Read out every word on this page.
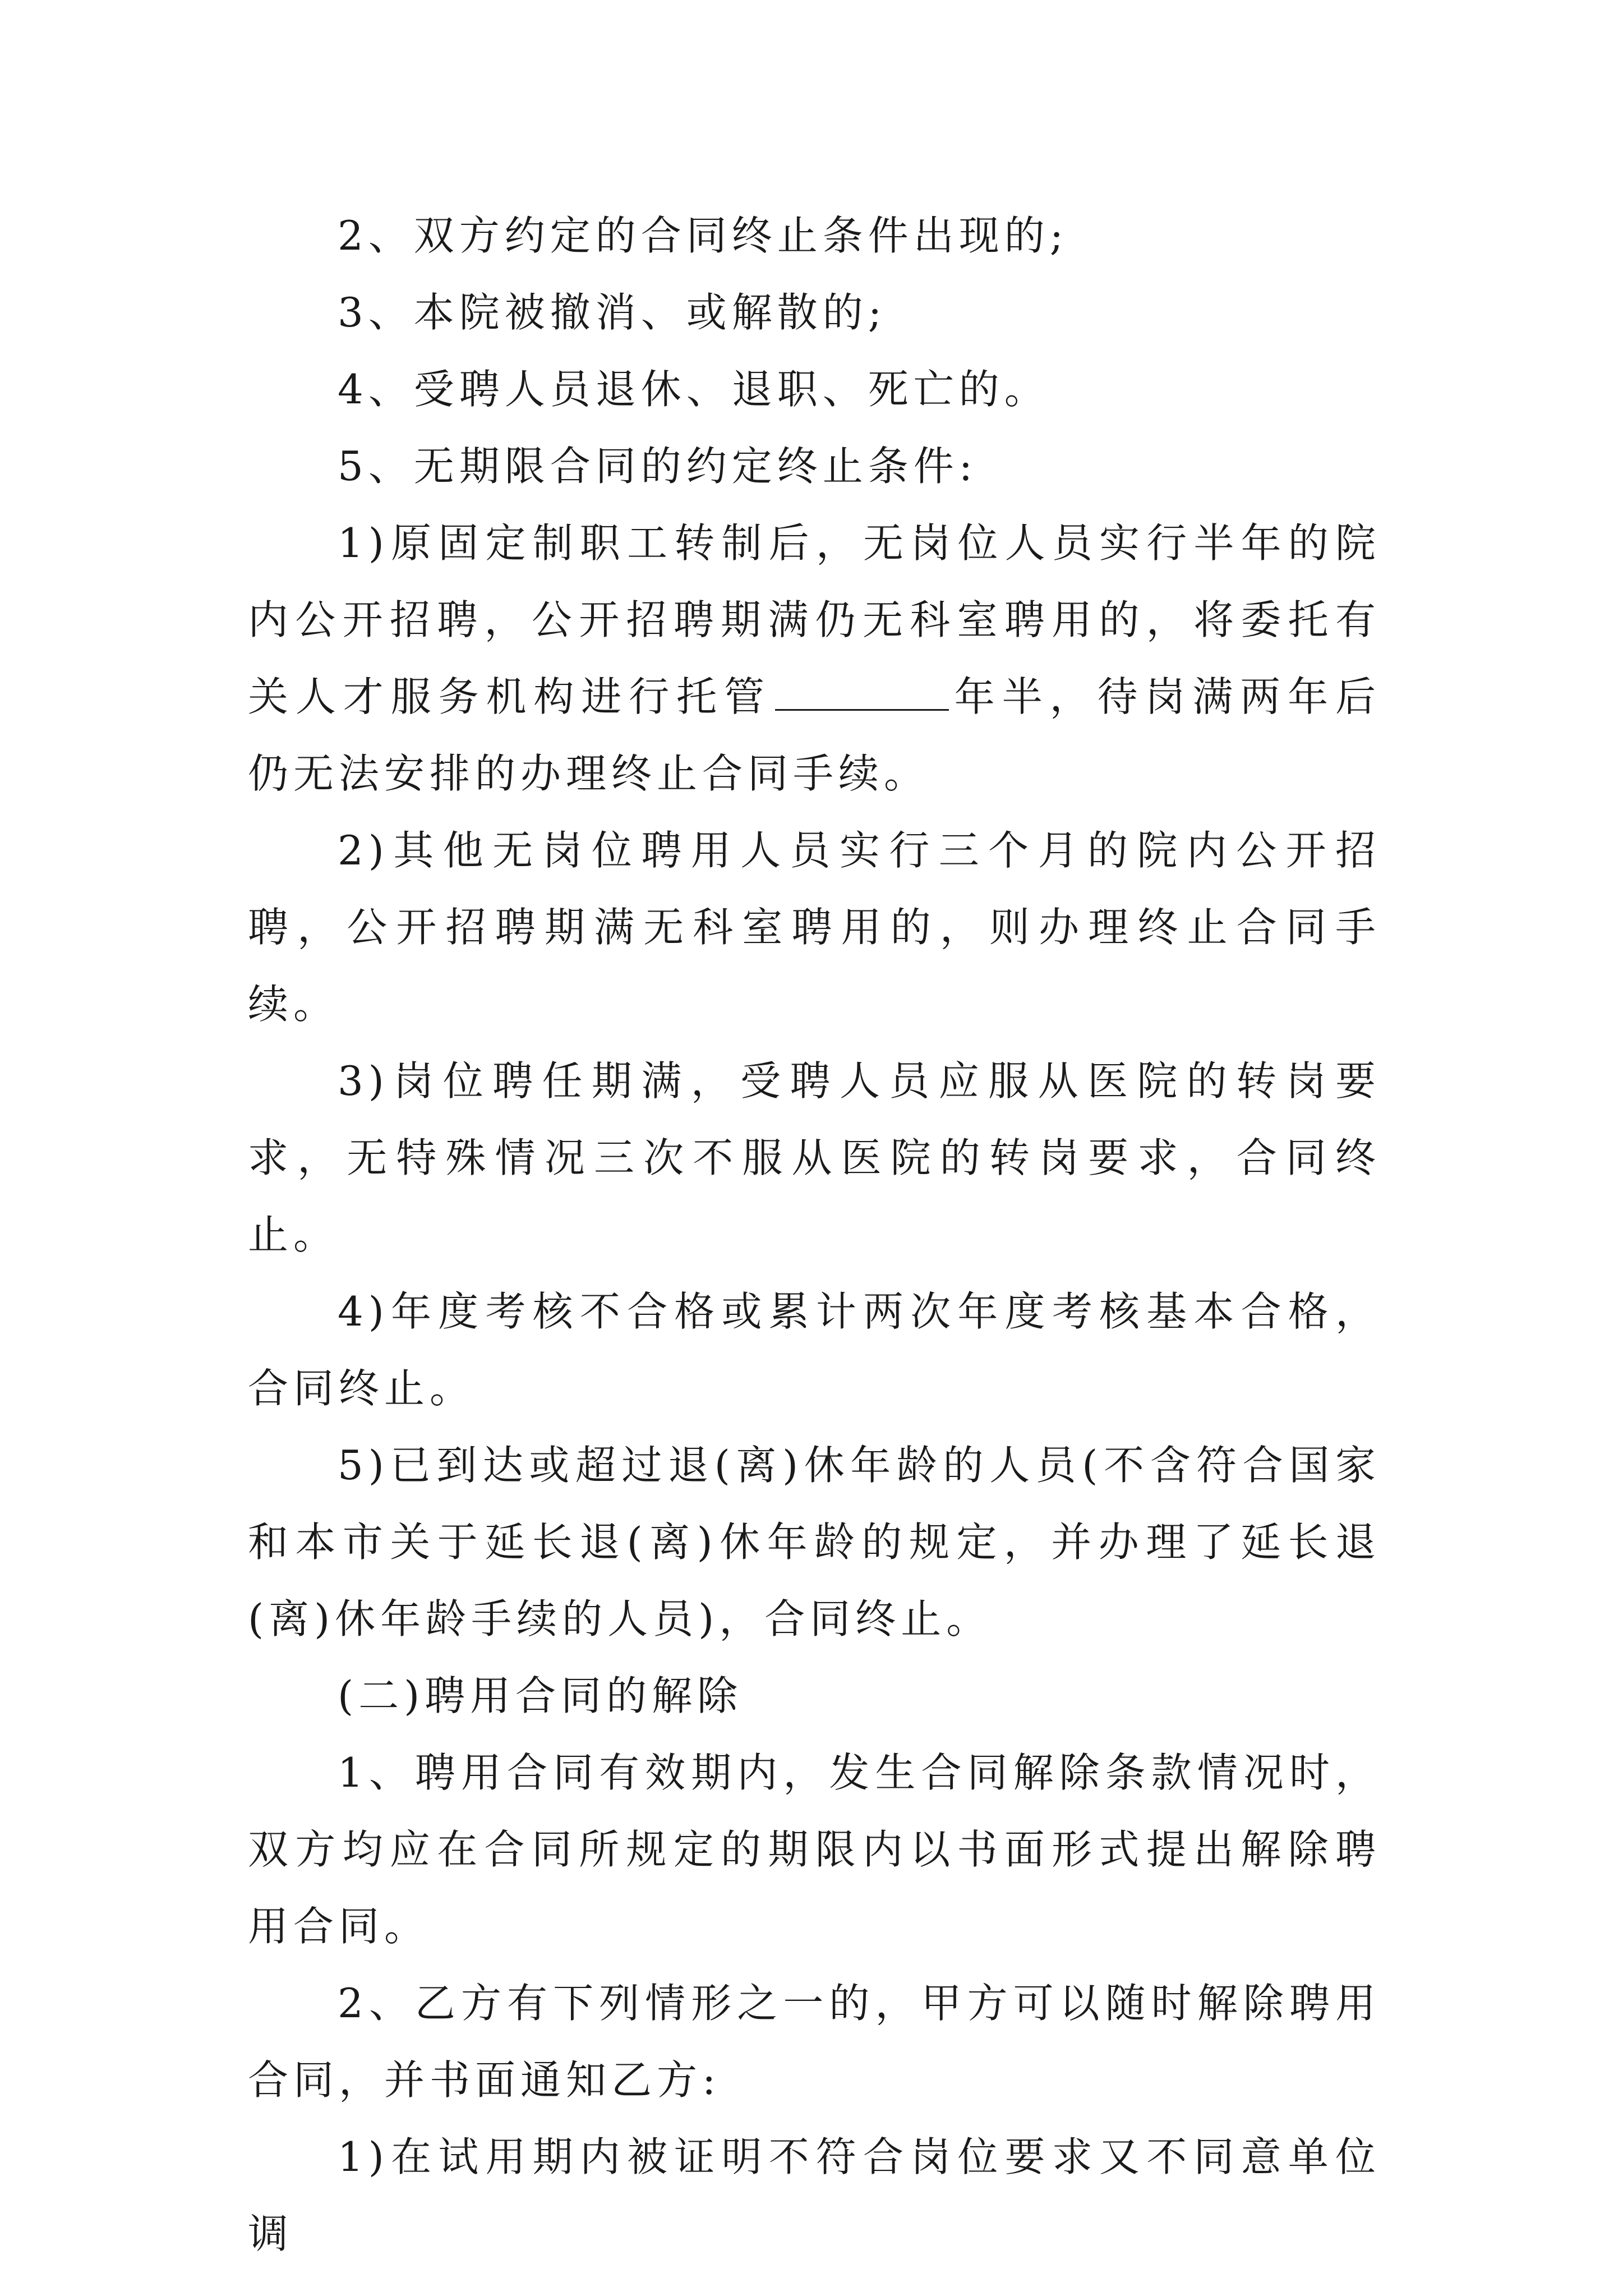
2、双方约定的合同终止条件出现的;

3、本院被撤消、或解散的;

4、受聘人员退休、退职、死亡的。

5、无期限合同的约定终止条件:

1)原固定制职工转制后，无岗位人员实行半年的院内公开招聘，公开招聘期满仍无科室聘用的，将委托有关人才服务机构进行托管	年半，待岗满两年后仍无法安排的办理终止合同手续。

2)其他无岗位聘用人员实行三个月的院内公开招聘，公开招聘期满无科室聘用的，则办理终止合同手续。

3)岗位聘任期满，受聘人员应服从医院的转岗要求，无特殊情况三次不服从医院的转岗要求，合同终止。

4)年度考核不合格或累计两次年度考核基本合格，合同终止。

5)已到达或超过退(离)休年龄的人员(不含符合国家和本市关于延长退(离)休年龄的规定，并办理了延长退(离)休年龄手续的人员)，合同终止。

(二)聘用合同的解除

1、聘用合同有效期内，发生合同解除条款情况时，双方均应在合同所规定的期限内以书面形式提出解除聘用合同。

2、乙方有下列情形之一的，甲方可以随时解除聘用合同，并书面通知乙方:

1)在试用期内被证明不符合岗位要求又不同意单位调
